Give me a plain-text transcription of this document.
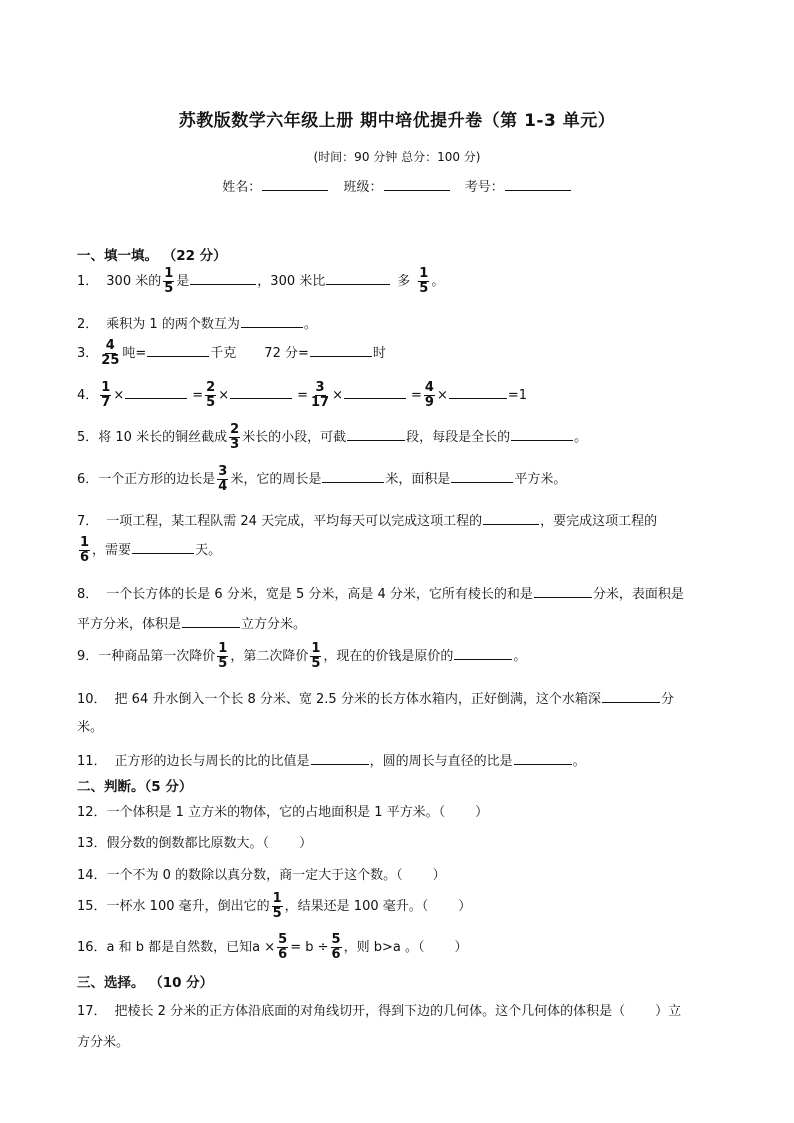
苏教版数学六年级上册 期中培优提升卷（第 1-3 单元）
(时间：90 分钟 总分：100 分)
姓名：	班级：	考号：
一、填一填。 （22 分）
1． 300 米的 $\frac{1}{5}$ 是	，300 米比	多 $\frac{1}{5}$ 。
2． 乘积为 1 的两个数互为	。
3． $\frac{4}{25}$ 吨=	千克 72 分=	时
4． $\frac{1}{7}$ ×	= $\frac{2}{5}$ ×	= $\frac{3}{17}$ ×	= $\frac{4}{9}$ ×	=1
5．将 10 米长的铜丝截成 $\frac{2}{3}$ 米长的小段，可截	段，每段是全长的	。
6．一个正方形的边长是 $\frac{3}{4}$ 米，它的周长是	米，面积是	平方米。
7． 一项工程，某工程队需 24 天完成，平均每天可以完成这项工程的	，要完成这项工程的
$\frac{1}{6}$ ，需要	天。
8． 一个长方体的长是 6 分米，宽是 5 分米，高是 4 分米，它所有棱长的和是	分米，表面积是
平方分米，体积是	立方分米。
9．一种商品第一次降价 $\frac{1}{5}$ ，第二次降价 $\frac{1}{5}$ ，现在的价钱是原价的	。
10． 把 64 升水倒入一个长 8 分米、宽 2.5 分米的长方体水箱内，正好倒满，这个水箱深	分
米。
11． 正方形的边长与周长的比的比值是	，圆的周长与直径的比是	。
二、判断。（5 分）
12．一个体积是 1 立方米的物体，它的占地面积是 1 平方米。（ ）
13．假分数的倒数都比原数大。（ ）
14．一个不为 0 的数除以真分数，商一定大于这个数。（ ）
15．一杯水 100 毫升，倒出它的 $\frac{1}{5}$ ，结果还是 100 毫升。（ ）
16．a 和 b 都是自然数，已知$a \times \frac{5}{6} = b \div \frac{5}{6}$ ，则 b>a 。（ ）
三、选择。 （10 分）
17． 把棱长 2 分米的正方体沿底面的对角线切开，得到下边的几何体。这个几何体的体积是（ ）立
方分米。
